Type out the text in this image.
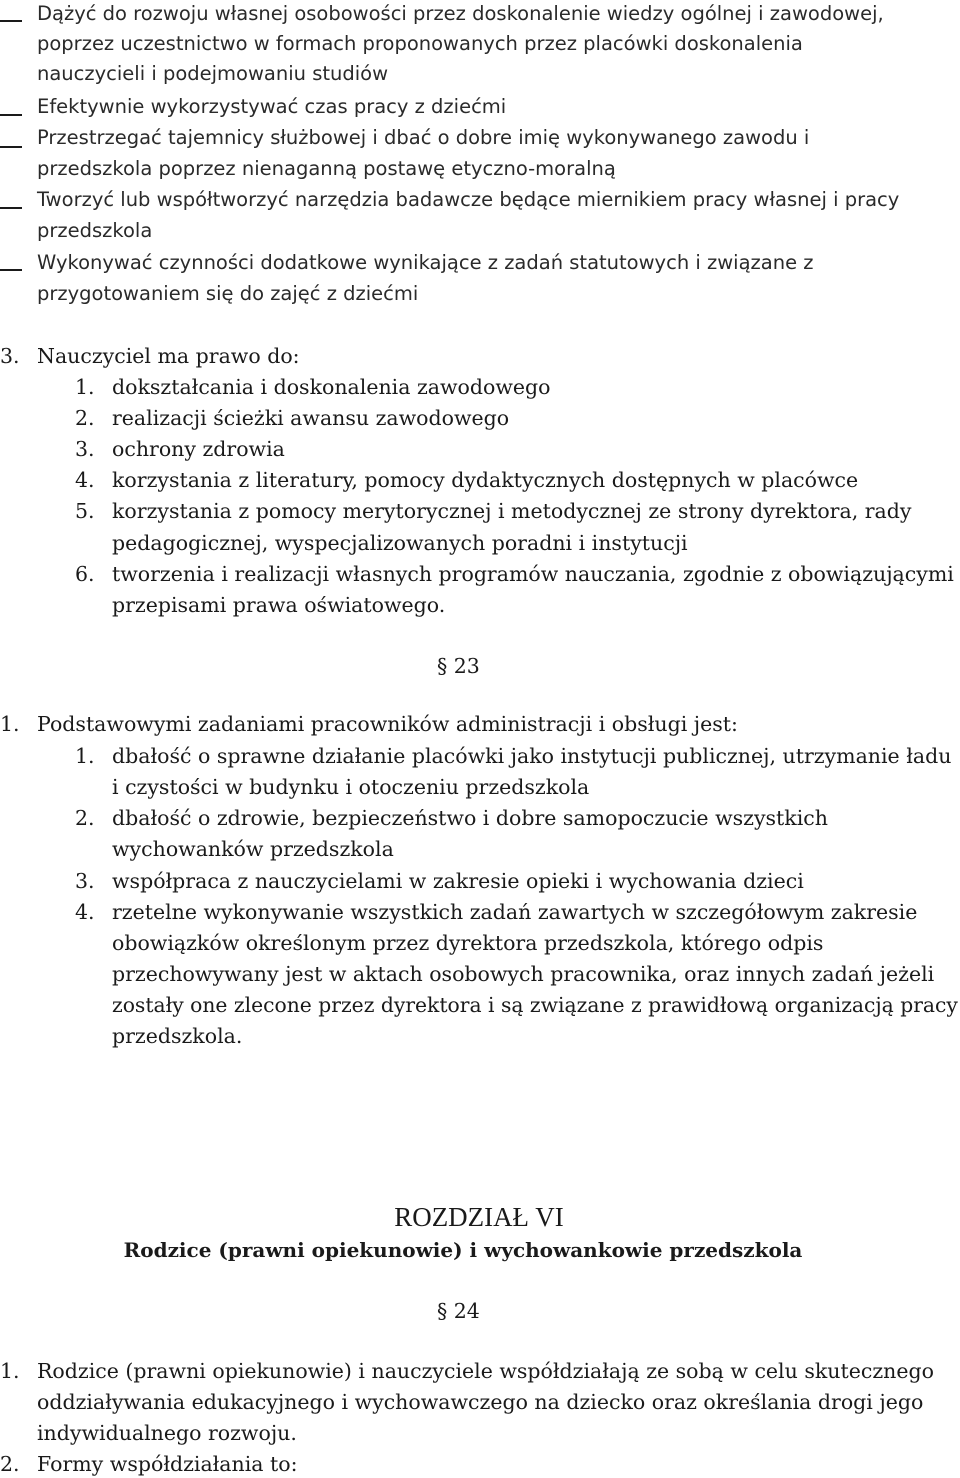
Dążyć do rozwoju własnej osobowości przez doskonalenie wiedzy ogólnej i zawodowej,
poprzez uczestnictwo w formach proponowanych przez placówki doskonalenia
nauczycieli i podejmowaniu studiów
Efektywnie wykorzystywać czas pracy z dziećmi
Przestrzegać tajemnicy służbowej i dbać o dobre imię wykonywanego zawodu i
przedszkola poprzez nienaganną postawę etyczno-moralną
Tworzyć lub współtworzyć narzędzia badawcze będące miernikiem pracy własnej i pracy
przedszkola
Wykonywać czynności dodatkowe wynikające z zadań statutowych i związane z
przygotowaniem się do zajęć z dziećmi
3. Nauczyciel ma prawo do:
1. dokształcania i doskonalenia zawodowego
2. realizacji ścieżki awansu zawodowego
3. ochrony zdrowia
4. korzystania z literatury, pomocy dydaktycznych dostępnych w placówce
5. korzystania z pomocy merytorycznej i metodycznej ze strony dyrektora, rady
pedagogicznej, wyspecjalizowanych poradni i instytucji
6. tworzenia i realizacji własnych programów nauczania, zgodnie z obowiązującymi
przepisami prawa oświatowego.
§ 23
1. Podstawowymi zadaniami pracowników administracji i obsługi jest:
1. dbałość o sprawne działanie placówki jako instytucji publicznej, utrzymanie ładu
i czystości w budynku i otoczeniu przedszkola
2. dbałość o zdrowie, bezpieczeństwo i dobre samopoczucie wszystkich
wychowanków przedszkola
3. współpraca z nauczycielami w zakresie opieki i wychowania dzieci
4. rzetelne wykonywanie wszystkich zadań zawartych w szczegółowym zakresie
obowiązków określonym przez dyrektora przedszkola, którego odpis
przechowywany jest w aktach osobowych pracownika, oraz innych zadań jeżeli
zostały one zlecone przez dyrektora i są związane z prawidłową organizacją pracy
przedszkola.
ROZDZIAŁ VI
Rodzice (prawni opiekunowie) i wychowankowie przedszkola
§ 24
1. Rodzice (prawni opiekunowie) i nauczyciele współdziałają ze sobą w celu skutecznego
oddziaływania edukacyjnego i wychowawczego na dziecko oraz określania drogi jego
indywidualnego rozwoju.
2. Formy współdziałania to:
